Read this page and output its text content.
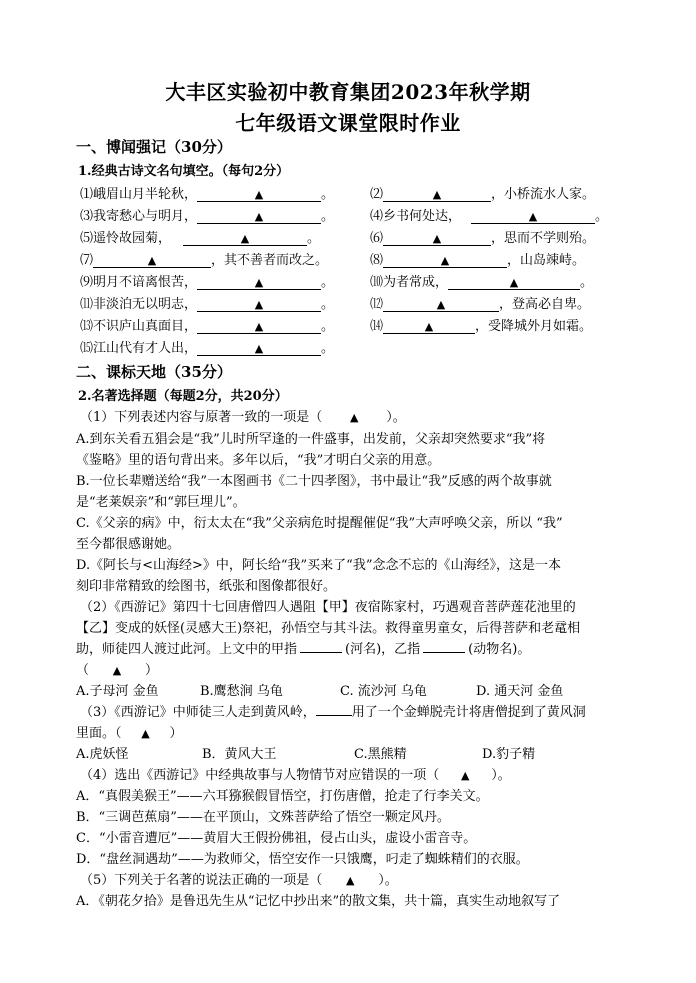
大丰区实验初中教育集团2023年秋学期
七年级语文课堂限时作业
一、博闻强记（30分）
1.经典古诗文名句填空。（每句2分）
⑴峨眉山月半轮秋，	▲	。	⑵	▲	，小桥流水人家。
⑶我寄愁心与明月，	▲	。	⑷乡书何处达，	▲	。
⑸遥怜故园菊，	▲	。	⑹	▲	，思而不学则殆。
⑺	▲	，其不善者而改之。	⑻	▲	，山岛竦峙。
⑼明月不谙离恨苦，	▲	。	⑽为者常成，	▲	。
⑾非淡泊无以明志，	▲	。	⑿	▲	，登高必自卑。
⒀不识庐山真面目，	▲	。	⒁	▲	，受降城外月如霜。
⒂江山代有才人出，	▲	。
二、课标天地（35分）
2.名著选择题（每题2分，共20分）
（1）下列表述内容与原著一致的一项是（	▲ ）。
A.到东关看五猖会是“我”儿时所罕逢的一件盛事，出发前，父亲却突然要求“我”将
《鉴略》里的语句背出来。多年以后，“我”才明白父亲的用意。
B.一位长辈赠送给“我”一本图画书《二十四孝图》，书中最让“我”反感的两个故事就
是“老莱娱亲”和“郭巨埋儿”。
C.《父亲的病》中，衍太太在“我”父亲病危时提醒催促“我”大声呼唤父亲，所以 “我”
至今都很感谢她。
D.《阿长与<山海经>》中，阿长给“我”买来了“我”念念不忘的《山海经》，这是一本
刻印非常精致的绘图书，纸张和图像都很好。
（2）《西游记》第四十七回唐僧四人遇阻【甲】夜宿陈家村，巧遇观音菩萨莲花池里的
【乙】变成的妖怪(灵感大王)祭祀，孙悟空与其斗法。救得童男童女，后得菩萨和老鼋相
助，师徒四人渡过此河。上文中的甲指	(河名)，乙指	(动物名)。
（ ▲ ）
A.子母河 金鱼	B.鹰愁涧 乌龟	C. 流沙河 乌龟	D. 通天河 金鱼
（3）《西游记》中师徒三人走到黄风岭，	用了一个金蝉脱壳计将唐僧捉到了黄风洞
里面。（ ▲ ）
A.虎妖怪	B．黄风大王	C.黑熊精	D.豹子精
（4）选出《西游记》中经典故事与人物情节对应错误的一项（ ▲ ）。
A．“真假美猴王”——六耳猕猴假冒悟空，打伤唐僧，抢走了行李关文。
B．“三调芭蕉扇”——在平顶山，文殊菩萨给了悟空一颗定风丹。
C．“小雷音遭厄”——黄眉大王假扮佛祖，侵占山头，虚设小雷音寺。
D．“盘丝洞遇劫”——为救师父，悟空安作一只饿鹰，叼走了蜘蛛精们的衣服。
（5）下列关于名著的说法正确的一项是（ ▲ ）。
A．《朝花夕拾》是鲁迅先生从“记忆中抄出来”的散文集，共十篇，真实生动地叙写了
